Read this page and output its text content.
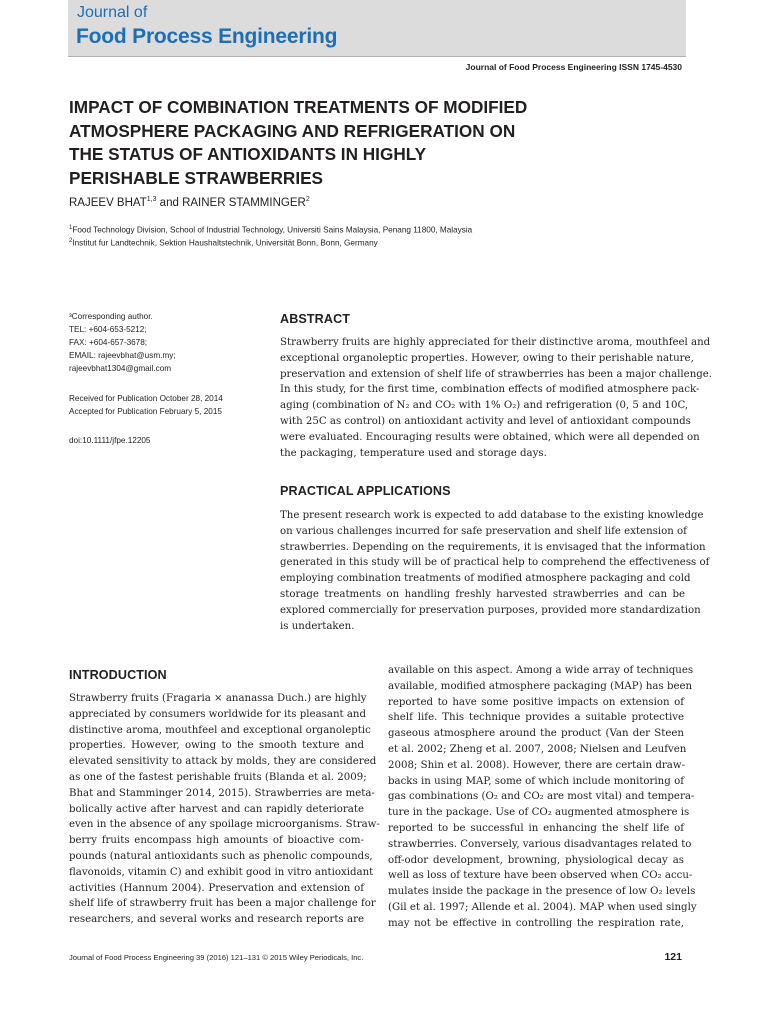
Journal of
Food Process Engineering
Journal of Food Process Engineering ISSN 1745-4530
IMPACT OF COMBINATION TREATMENTS OF MODIFIED
ATMOSPHERE PACKAGING AND REFRIGERATION ON
THE STATUS OF ANTIOXIDANTS IN HIGHLY
PERISHABLE STRAWBERRIES
RAJEEV BHAT$^{1,3}$ and RAINER STAMMINGER$^2$
$^1$Food Technology Division, School of Industrial Technology, Universiti Sains Malaysia, Penang 11800, Malaysia
$^2$Institut fur Landtechnik, Sektion Haushaltstechnik, Universität Bonn, Bonn, Germany
³Corresponding author.
TEL: +604-653-5212;
FAX: +604-657-3678;
EMAIL: rajeevbhat@usm.my;
rajeevbhat1304@gmail.com
Received for Publication October 28, 2014
Accepted for Publication February 5, 2015
doi:10.1111/jfpe.12205
ABSTRACT
Strawberry fruits are highly appreciated for their distinctive aroma, mouthfeel and
exceptional organoleptic properties. However, owing to their perishable nature,
preservation and extension of shelf life of strawberries has been a major challenge.
In this study, for the first time, combination effects of modified atmosphere pack-
aging (combination of N₂ and CO₂ with 1% O₂) and refrigeration (0, 5 and 10C,
with 25C as control) on antioxidant activity and level of antioxidant compounds
were evaluated. Encouraging results were obtained, which were all depended on
the packaging, temperature used and storage days.
PRACTICAL APPLICATIONS
The present research work is expected to add database to the existing knowledge
on various challenges incurred for safe preservation and shelf life extension of
strawberries. Depending on the requirements, it is envisaged that the information
generated in this study will be of practical help to comprehend the effectiveness of
employing combination treatments of modified atmosphere packaging and cold
storage treatments on handling freshly harvested strawberries and can be
explored commercially for preservation purposes, provided more standardization
is undertaken.
INTRODUCTION
Strawberry fruits (Fragaria × ananassa Duch.) are highly
appreciated by consumers worldwide for its pleasant and
distinctive aroma, mouthfeel and exceptional organoleptic
properties. However, owing to the smooth texture and
elevated sensitivity to attack by molds, they are considered
as one of the fastest perishable fruits (Blanda et al. 2009;
Bhat and Stamminger 2014, 2015). Strawberries are meta-
bolically active after harvest and can rapidly deteriorate
even in the absence of any spoilage microorganisms. Straw-
berry fruits encompass high amounts of bioactive com-
pounds (natural antioxidants such as phenolic compounds,
flavonoids, vitamin C) and exhibit good in vitro antioxidant
activities (Hannum 2004). Preservation and extension of
shelf life of strawberry fruit has been a major challenge for
researchers, and several works and research reports are
available on this aspect. Among a wide array of techniques
available, modified atmosphere packaging (MAP) has been
reported to have some positive impacts on extension of
shelf life. This technique provides a suitable protective
gaseous atmosphere around the product (Van der Steen
et al. 2002; Zheng et al. 2007, 2008; Nielsen and Leufven
2008; Shin et al. 2008). However, there are certain draw-
backs in using MAP, some of which include monitoring of
gas combinations (O₂ and CO₂ are most vital) and tempera-
ture in the package. Use of CO₂ augmented atmosphere is
reported to be successful in enhancing the shelf life of
strawberries. Conversely, various disadvantages related to
off-odor development, browning, physiological decay as
well as loss of texture have been observed when CO₂ accu-
mulates inside the package in the presence of low O₂ levels
(Gil et al. 1997; Allende et al. 2004). MAP when used singly
may not be effective in controlling the respiration rate,
Journal of Food Process Engineering 39 (2016) 121–131 © 2015 Wiley Periodicals, Inc.	121
